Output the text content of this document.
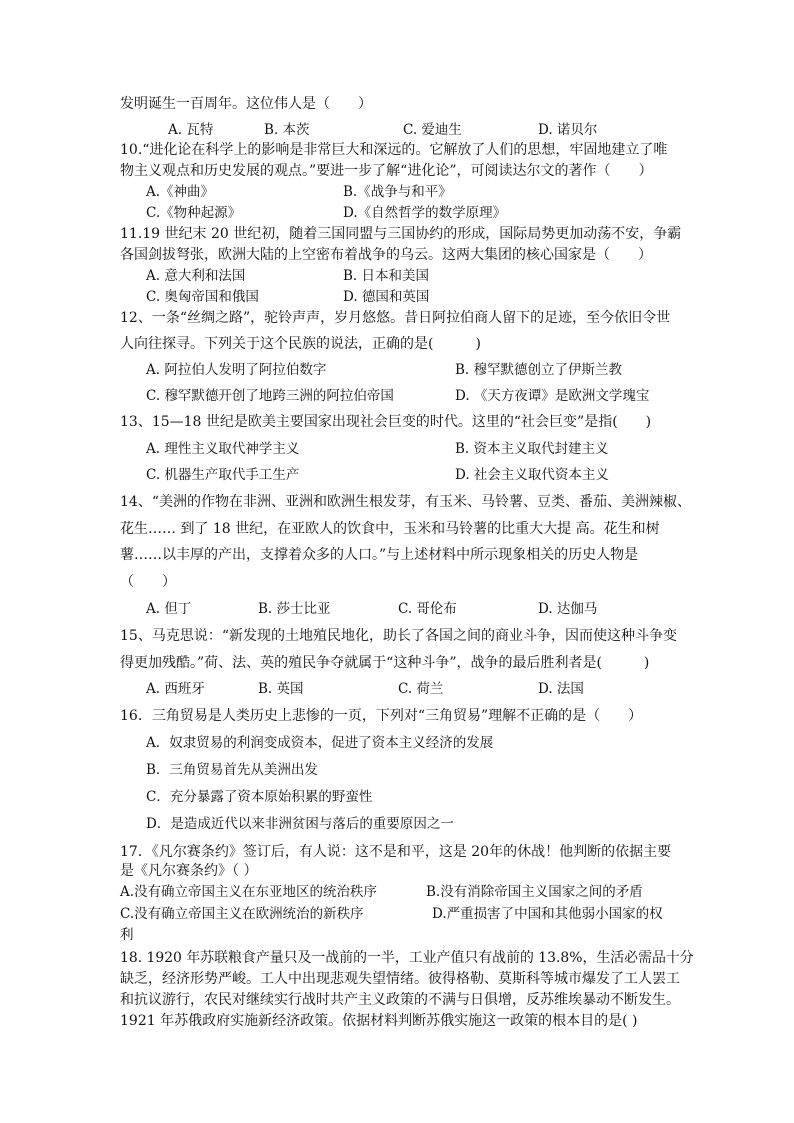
发明诞生一百周年。这位伟人是（　　）
A. 瓦特	B. 本茨	C. 爱迪生	D. 诺贝尔
10.“进化论在科学上的影响是非常巨大和深远的。它解放了人们的思想，牢固地建立了唯
物主义观点和历史发展的观点。”要进一步了解“进化论”，可阅读达尔文的著作（　　）
A.《神曲》	B.《战争与和平》
C.《物种起源》	D.《自然哲学的数学原理》
11.19 世纪末 20 世纪初，随着三国同盟与三国协约的形成，国际局势更加动荡不安，争霸
各国剑拔弩张，欧洲大陆的上空密布着战争的乌云。这两大集团的核心国家是（　　）
A. 意大利和法国	B. 日本和美国
C. 奥匈帝国和俄国	D. 德国和英国
12、一条“丝绸之路”，驼铃声声，岁月悠悠。昔日阿拉伯商人留下的足迹，至今依旧令世
人向往探寻。下列关于这个民族的说法，正确的是(　　　)
A. 阿拉伯人发明了阿拉伯数字	B. 穆罕默德创立了伊斯兰教
C. 穆罕默德开创了地跨三洲的阿拉伯帝国	D. 《天方夜谭》是欧洲文学瑰宝
13、15—18 世纪是欧美主要国家出现社会巨变的时代。这里的“社会巨变”是指(　　)
A. 理性主义取代神学主义	B. 资本主义取代封建主义
C. 机器生产取代手工生产	D. 社会主义取代资本主义
14、“美洲的作物在非洲、亚洲和欧洲生根发芽，有玉米、马铃薯、豆类、番茄、美洲辣椒、
花生…… 到了 18 世纪，在亚欧人的饮食中，玉米和马铃薯的比重大大提 高。花生和树
薯……以丰厚的产出，支撑着众多的人口。”与上述材料中所示现象相关的历史人物是
（　　）
A. 但丁	B. 莎士比亚	C. 哥伦布	D. 达伽马
15、马克思说：“新发现的土地殖民地化，助长了各国之间的商业斗争，因而使这种斗争变
得更加残酷。”荷、法、英的殖民争夺就属于“这种斗争”，战争的最后胜利者是(　　　)
A. 西班牙	B. 英国	C. 荷兰	D. 法国
16．三角贸易是人类历史上悲惨的一页，下列对“三角贸易”理解不正确的是（　　）
A．奴隶贸易的利润变成资本，促进了资本主义经济的发展
B．三角贸易首先从美洲出发
C．充分暴露了资本原始积累的野蛮性
D．是造成近代以来非洲贫困与落后的重要原因之一
17．《凡尔赛条约》签订后，有人说：这不是和平，这是 20年的休战！他判断的依据主要
是《凡尔赛条约》（ ）
A.没有确立帝国主义在东亚地区的统治秩序	B.没有消除帝国主义国家之间的矛盾
C.没有确立帝国主义在欧洲统治的新秩序	D.严重损害了中国和其他弱小国家的权
利
18. 1920 年苏联粮食产量只及一战前的一半，工业产值只有战前的 13.8%，生活必需品十分
缺乏，经济形势严峻。工人中出现悲观失望情绪。彼得格勒、莫斯科等城市爆发了工人罢工
和抗议游行，农民对继续实行战时共产主义政策的不满与日俱增，反苏维埃暴动不断发生。
1921 年苏俄政府实施新经济政策。依据材料判断苏俄实施这一政策的根本目的是( )
